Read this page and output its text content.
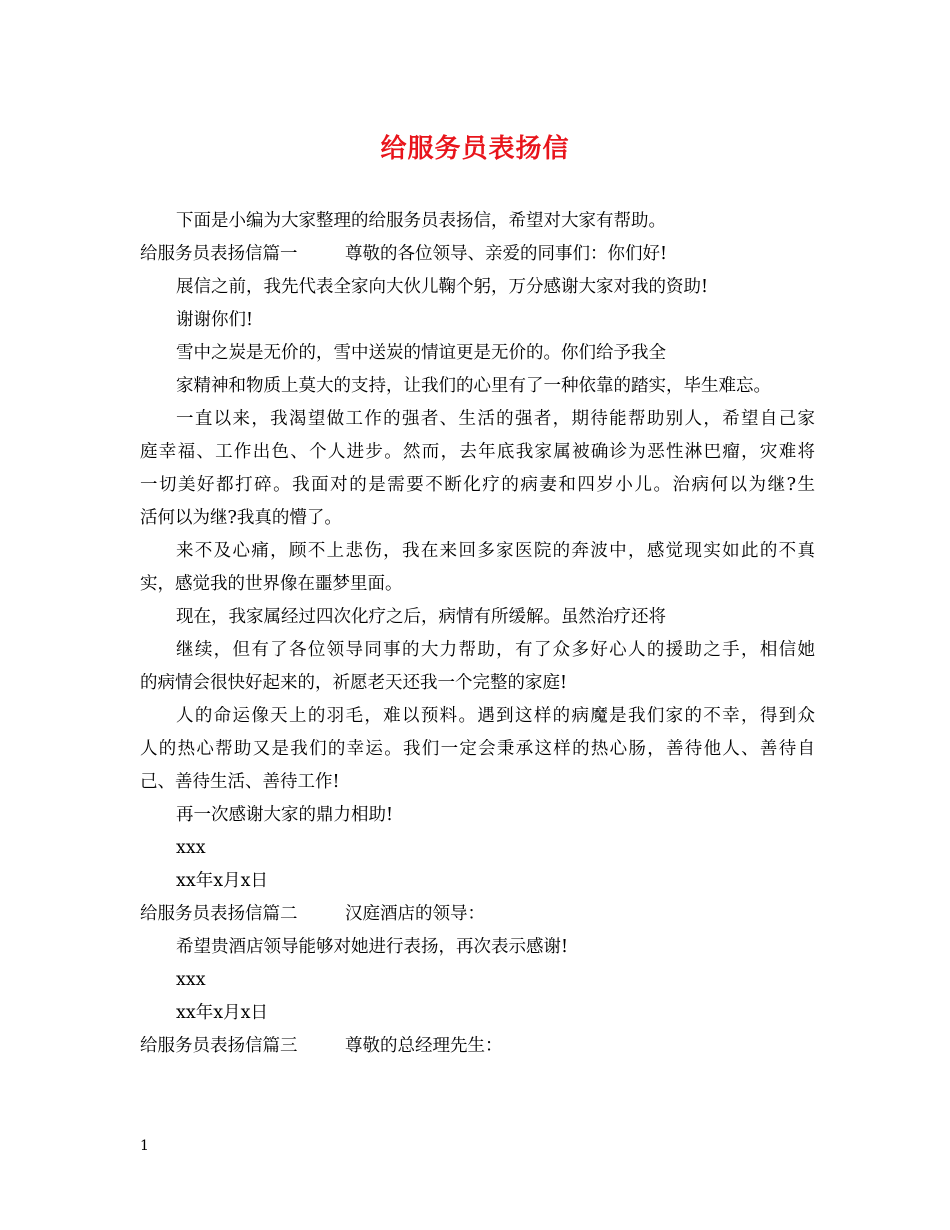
给服务员表扬信
下面是小编为大家整理的给服务员表扬信，希望对大家有帮助。
给服务员表扬信篇一	尊敬的各位领导、亲爱的同事们：你们好!
展信之前，我先代表全家向大伙儿鞠个躬，万分感谢大家对我的资助!
谢谢你们!
雪中之炭是无价的，雪中送炭的情谊更是无价的。你们给予我全
家精神和物质上莫大的支持，让我们的心里有了一种依靠的踏实，毕生难忘。
一直以来，我渴望做工作的强者、生活的强者，期待能帮助别人，希望自己家
庭幸福、工作出色、个人进步。然而，去年底我家属被确诊为恶性淋巴瘤，灾难将
一切美好都打碎。我面对的是需要不断化疗的病妻和四岁小儿。治病何以为继?生
活何以为继?我真的懵了。
来不及心痛，顾不上悲伤，我在来回多家医院的奔波中，感觉现实如此的不真
实，感觉我的世界像在噩梦里面。
现在，我家属经过四次化疗之后，病情有所缓解。虽然治疗还将
继续，但有了各位领导同事的大力帮助，有了众多好心人的援助之手，相信她
的病情会很快好起来的，祈愿老天还我一个完整的家庭!
人的命运像天上的羽毛，难以预料。遇到这样的病魔是我们家的不幸，得到众
人的热心帮助又是我们的幸运。我们一定会秉承这样的热心肠，善待他人、善待自
己、善待生活、善待工作!
再一次感谢大家的鼎力相助!
xxx
xx年x月x日
给服务员表扬信篇二	汉庭酒店的领导：
希望贵酒店领导能够对她进行表扬，再次表示感谢!
xxx
xx年x月x日
给服务员表扬信篇三	尊敬的总经理先生：
1
